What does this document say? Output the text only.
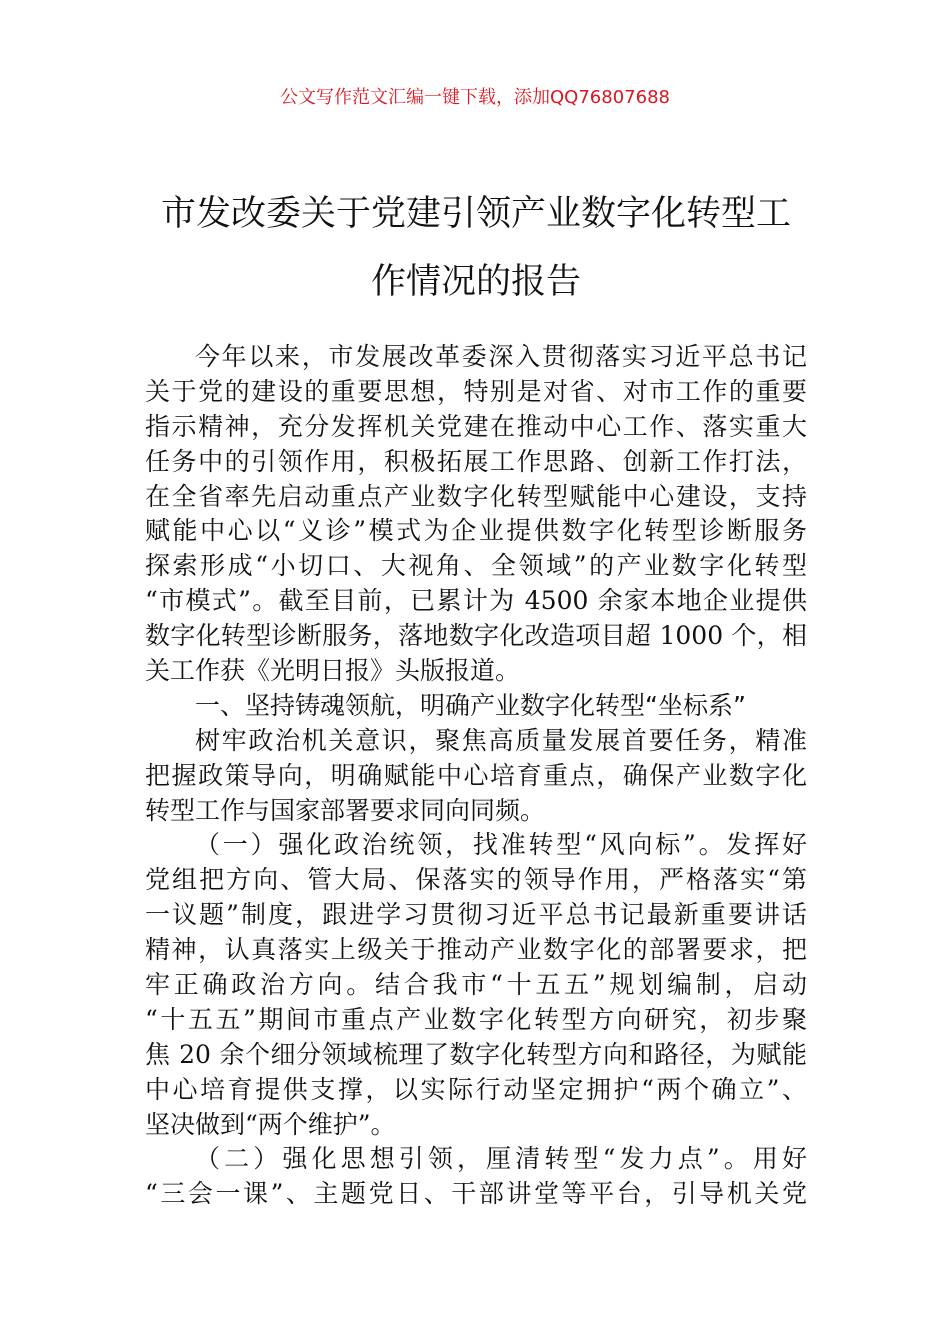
公文写作范文汇编一键下载，添加QQ76807688
市发改委关于党建引领产业数字化转型工
作情况的报告
今年以来，市发展改革委深入贯彻落实习近平总书记
关于党的建设的重要思想，特别是对省、对市工作的重要
指示精神，充分发挥机关党建在推动中心工作、落实重大
任务中的引领作用，积极拓展工作思路、创新工作打法，
在全省率先启动重点产业数字化转型赋能中心建设，支持
赋能中心以“义诊”模式为企业提供数字化转型诊断服务
探索形成“小切口、大视角、全领域”的产业数字化转型
“市模式”。截至目前，已累计为 4500 余家本地企业提供
数字化转型诊断服务，落地数字化改造项目超 1000 个，相
关工作获《光明日报》头版报道。
一、坚持铸魂领航，明确产业数字化转型“坐标系”
树牢政治机关意识，聚焦高质量发展首要任务，精准
把握政策导向，明确赋能中心培育重点，确保产业数字化
转型工作与国家部署要求同向同频。
（一）强化政治统领，找准转型“风向标”。发挥好
党组把方向、管大局、保落实的领导作用，严格落实“第
一议题”制度，跟进学习贯彻习近平总书记最新重要讲话
精神，认真落实上级关于推动产业数字化的部署要求，把
牢正确政治方向。结合我市“十五五”规划编制，启动
“十五五”期间市重点产业数字化转型方向研究，初步聚
焦 20 余个细分领域梳理了数字化转型方向和路径，为赋能
中心培育提供支撑，以实际行动坚定拥护“两个确立”、
坚决做到“两个维护”。
（二）强化思想引领，厘清转型“发力点”。用好
“三会一课”、主题党日、干部讲堂等平台，引导机关党
